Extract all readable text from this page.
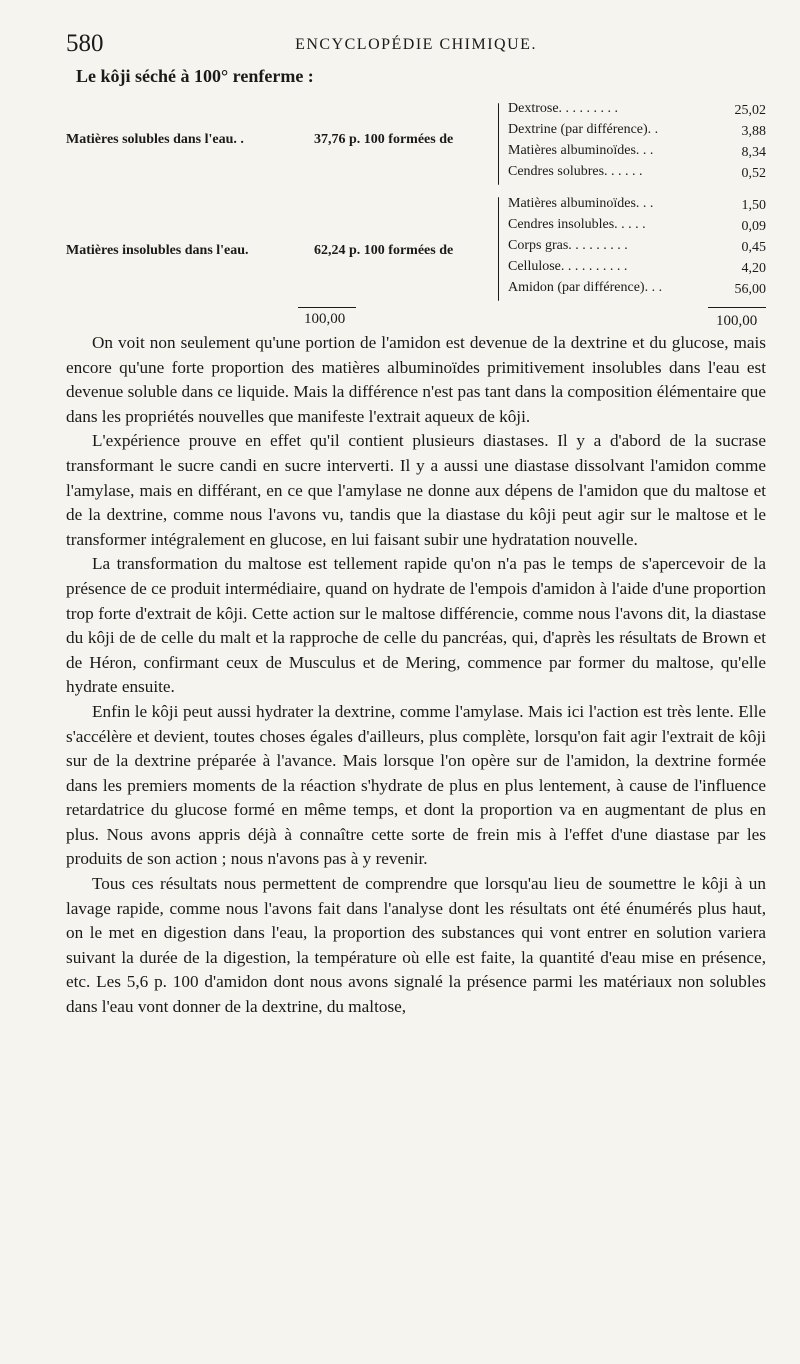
580	ENCYCLOPÉDIE CHIMIQUE.
Le kôji séché à 100° renferme :
Matières solubles dans l'eau. .	37,76 p. 100 formées de
Dextrose. . . . . . . . .	25,02
Dextrine (par différence). .	3,88
Matières albuminoïdes. . .	8,34
Cendres solubres. . . . . .	0,52
Matières insolubles dans l'eau.	62,24 p. 100 formées de
Matières albuminoïdes. . .	1,50
Cendres insolubles. . . . .	0,09
Corps gras. . . . . . . . .	0,45
Cellulose. . . . . . . . . .	4,20
Amidon (par différence). . .	56,00
100,00	100,00

On voit non seulement qu'une portion de l'amidon est devenue de la dextrine et du glucose, mais encore qu'une forte proportion des matières albuminoïdes primitivement insolubles dans l'eau est devenue soluble dans ce liquide. Mais la différence n'est pas tant dans la composition élémentaire que dans les propriétés nouvelles que manifeste l'extrait aqueux de kôji.

L'expérience prouve en effet qu'il contient plusieurs diastases. Il y a d'abord de la sucrase transformant le sucre candi en sucre interverti. Il y a aussi une diastase dissolvant l'amidon comme l'amylase, mais en différant, en ce que l'amylase ne donne aux dépens de l'amidon que du maltose et de la dextrine, comme nous l'avons vu, tandis que la diastase du kôji peut agir sur le maltose et le transformer intégralement en glucose, en lui faisant subir une hydratation nouvelle.

La transformation du maltose est tellement rapide qu'on n'a pas le temps de s'apercevoir de la présence de ce produit intermédiaire, quand on hydrate de l'empois d'amidon à l'aide d'une proportion trop forte d'extrait de kôji. Cette action sur le maltose différencie, comme nous l'avons dit, la diastase du kôji de de celle du malt et la rapproche de celle du pancréas, qui, d'après les résultats de Brown et de Héron, confirmant ceux de Musculus et de Mering, commence par former du maltose, qu'elle hydrate ensuite.

Enfin le kôji peut aussi hydrater la dextrine, comme l'amylase. Mais ici l'action est très lente. Elle s'accélère et devient, toutes choses égales d'ailleurs, plus complète, lorsqu'on fait agir l'extrait de kôji sur de la dextrine préparée à l'avance. Mais lorsque l'on opère sur de l'amidon, la dextrine formée dans les premiers moments de la réaction s'hydrate de plus en plus lentement, à cause de l'influence retardatrice du glucose formé en même temps, et dont la proportion va en augmentant de plus en plus. Nous avons appris déjà à connaître cette sorte de frein mis à l'effet d'une diastase par les produits de son action ; nous n'avons pas à y revenir.

Tous ces résultats nous permettent de comprendre que lorsqu'au lieu de soumettre le kôji à un lavage rapide, comme nous l'avons fait dans l'analyse dont les résultats ont été énumérés plus haut, on le met en digestion dans l'eau, la proportion des substances qui vont entrer en solution variera suivant la durée de la digestion, la température où elle est faite, la quantité d'eau mise en présence, etc. Les 5,6 p. 100 d'amidon dont nous avons signalé la présence parmi les matériaux non solubles dans l'eau vont donner de la dextrine, du maltose,
